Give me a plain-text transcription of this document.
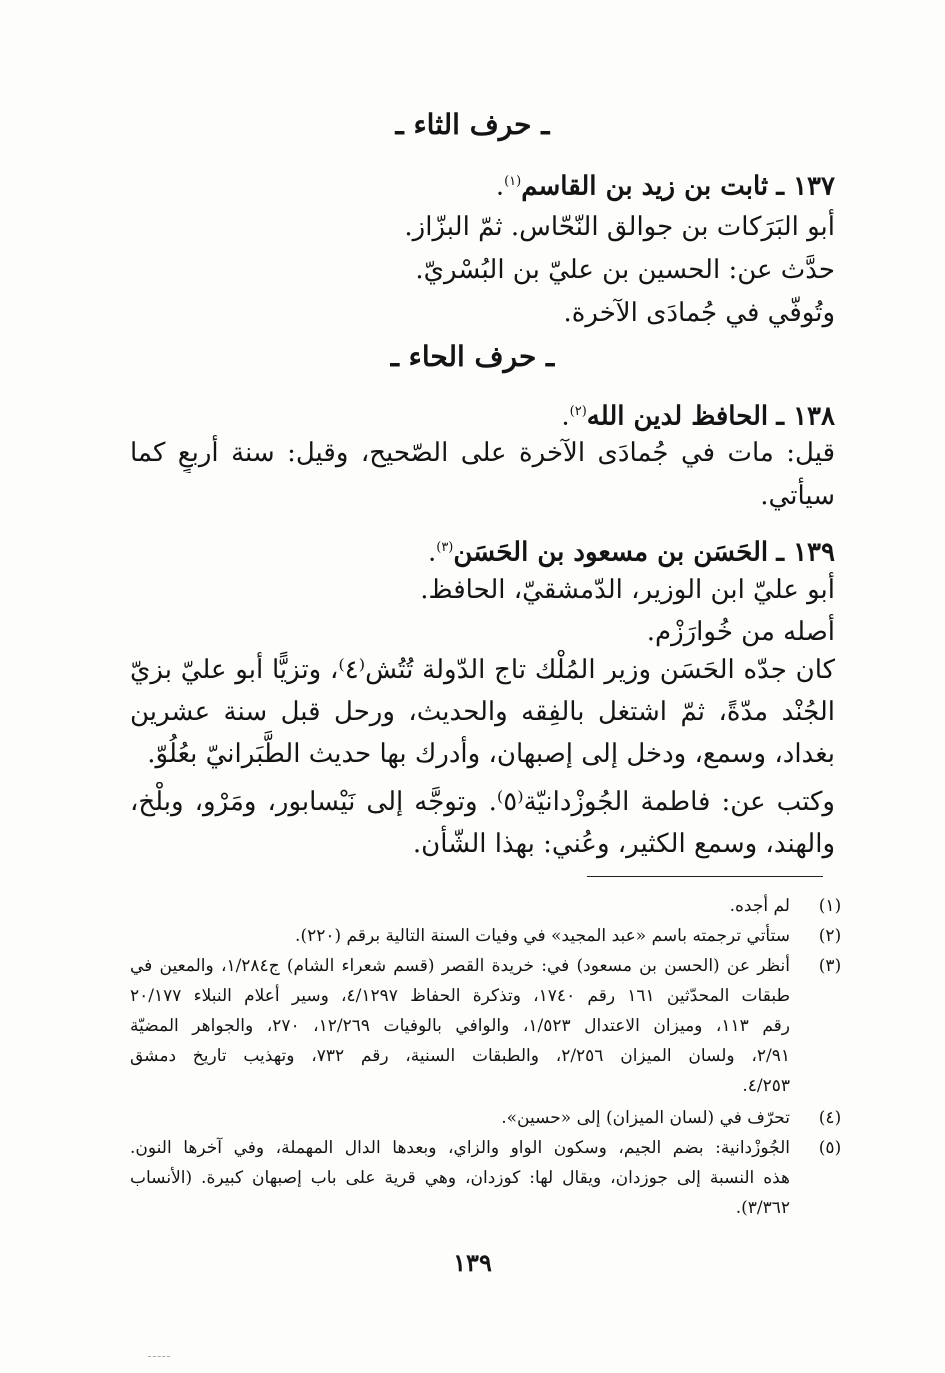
ـ حرف الثاء ـ
١٣٧ ـ ثابت بن زيد بن القاسم$^{(١)}$.
أبو البَرَكات بن جوالق النّحّاس. ثمّ البزّاز.
حدَّث عن: الحسين بن عليّ بن البُسْريّ.
وتُوفّي في جُمادَى الآخرة.
ـ حرف الحاء ـ
١٣٨ ـ الحافظ لدين الله$^{(٢)}$.
قيل: مات في جُمادَى الآخرة على الصّحيح، وقيل: سنة أربعٍ كما
سيأتي.
١٣٩ ـ الحَسَن بن مسعود بن الحَسَن$^{(٣)}$.
أبو عليّ ابن الوزير، الدّمشقيّ، الحافظ.
أصله من خُوارَزْم.
كان جدّه الحَسَن وزير المُلْك تاج الدّولة تُتُش⁽٤⁾، وتزيًّا أبو عليّ بزيّ
الجُنْد مدّةً، ثمّ اشتغل بالفِقه والحديث، ورحل قبل سنة عشرين
بغداد، وسمع، ودخل إلى إصبهان، وأدرك بها حديث الطَّبَرانيّ بعُلُوّ.
وكتب عن: فاطمة الجُوزْدانيّة⁽٥⁾. وتوجَّه إلى نَيْسابور، ومَرْو، وبلْخ،
والهند، وسمع الكثير، وعُني: بهذا الشّأن.
(١)
لم أجده.
(٢)
ستأتي ترجمته باسم «عبد المجيد» في وفيات السنة التالية برقم (٢٢٠).
(٣)
أنظر عن (الحسن بن مسعود) في: خريدة القصر (قسم شعراء الشام) ج١/٢٨٤، والمعين في
طبقات المحدّثين ١٦١ رقم ١٧٤٠، وتذكرة الحفاظ ٤/١٢٩٧، وسير أعلام النبلاء ٢٠/١٧٧
رقم ١١٣، وميزان الاعتدال ١/٥٢٣، والوافي بالوفيات ١٢/٢٦٩، ٢٧٠، والجواهر المضيّة
٢/٩١، ولسان الميزان ٢/٢٥٦، والطبقات السنية، رقم ٧٣٢، وتهذيب تاريخ دمشق
٤/٢٥٣.
(٤)
تحرّف في (لسان الميزان) إلى «حسين».
(٥)
الجُوزْدانية: بضم الجيم، وسكون الواو والزاي، وبعدها الدال المهملة، وفي آخرها النون.
هذه النسبة إلى جوزدان، ويقال لها: كوزدان، وهي قرية على باب إصبهان كبيرة. (الأنساب
٣/٣٦٢).
١٣٩
